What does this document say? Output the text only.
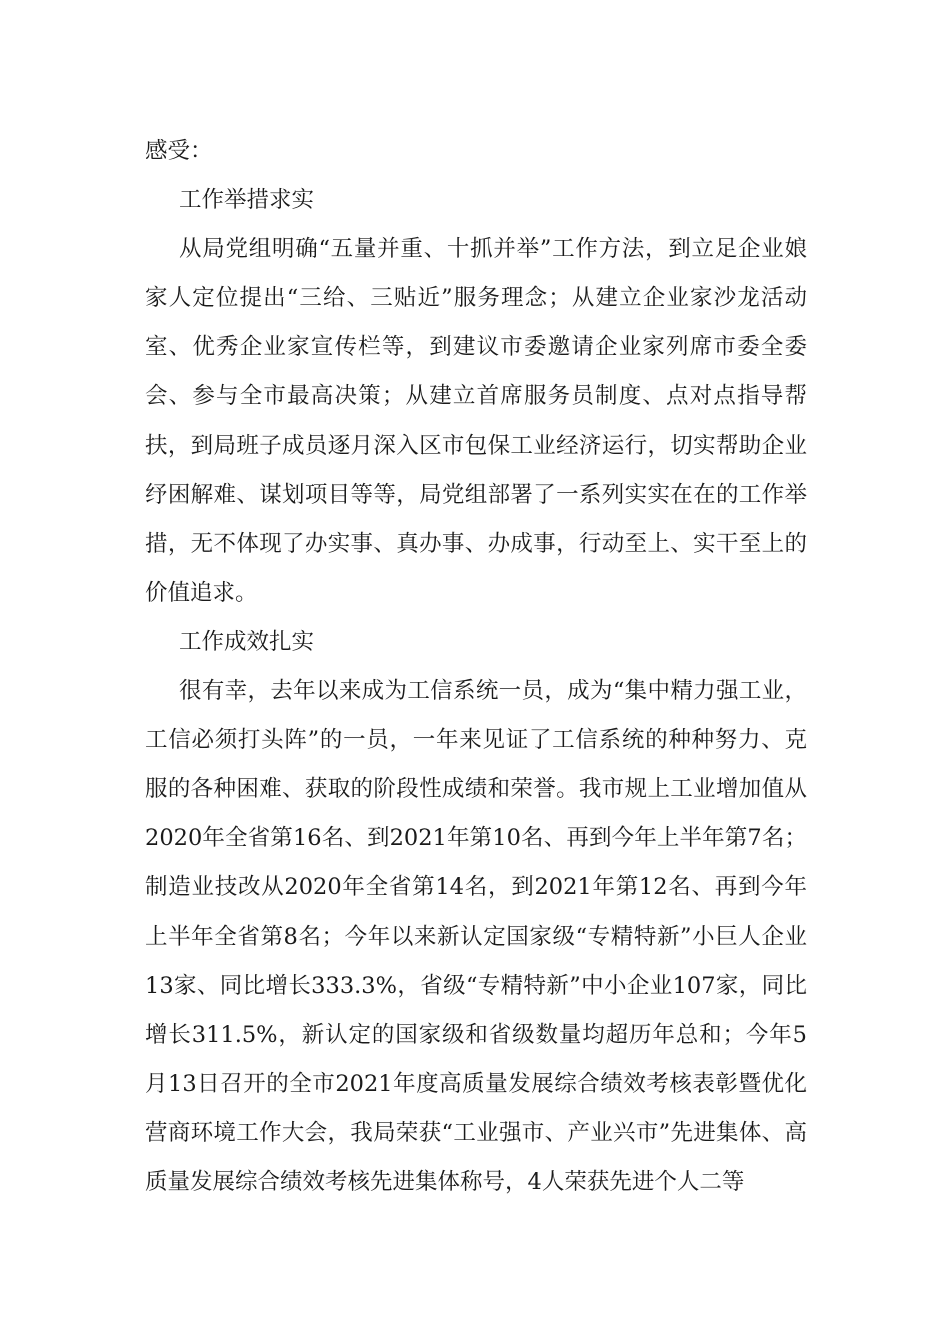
感受：

工作举措求实

从局党组明确“五量并重、十抓并举”工作方法，到立足企业娘家人定位提出“三给、三贴近”服务理念；从建立企业家沙龙活动室、优秀企业家宣传栏等，到建议市委邀请企业家列席市委全委会、参与全市最高决策；从建立首席服务员制度、点对点指导帮扶，到局班子成员逐月深入区市包保工业经济运行，切实帮助企业纾困解难、谋划项目等等，局党组部署了一系列实实在在的工作举措，无不体现了办实事、真办事、办成事，行动至上、实干至上的价值追求。

工作成效扎实

很有幸，去年以来成为工信系统一员，成为“集中精力强工业，工信必须打头阵”的一员，一年来见证了工信系统的种种努力、克服的各种困难、获取的阶段性成绩和荣誉。我市规上工业增加值从2020年全省第16名、到2021年第10名、再到今年上半年第7名；制造业技改从2020年全省第14名，到2021年第12名、再到今年上半年全省第8名；今年以来新认定国家级“专精特新”小巨人企业13家、同比增长333.3%，省级“专精特新”中小企业107家，同比增长311.5%，新认定的国家级和省级数量均超历年总和；今年5月13日召开的全市2021年度高质量发展综合绩效考核表彰暨优化营商环境工作大会，我局荣获“工业强市、产业兴市”先进集体、高质量发展综合绩效考核先进集体称号，4人荣获先进个人二等
